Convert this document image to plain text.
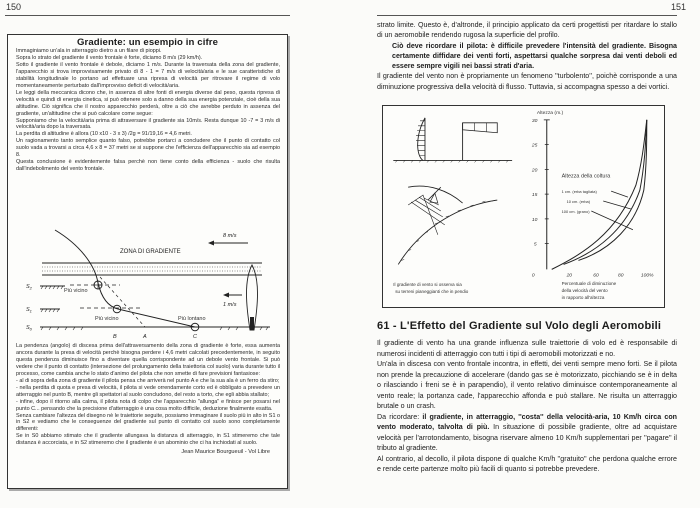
150
Gradiente: un esempio in cifre

Immaginiamo un'ala in atterraggio dietro a un filare di pioppi.

Sopra lo strato del gradiente il vento frontale è forte, diciamo 8 m/s (29 km/h).

Sotto il gradiente il vento frontale è debole, diciamo 1 m/s. Durante la traversata della zona del gradiente, l'apparecchio si trova improvvisamente privato di 8 - 1 = 7 m/s di velocità/aria e le sue caratteristiche di stabilità longitudinale lo portano ad effettuare una ripresa di velocità per ritrovare il regime di volo momentaneamente perturbato dall'improvviso deficit di velocità/aria.

Le leggi della meccanica dicono che, in assenza di altre fonti di energia diverse dal peso, questa ripresa di velocità e quindi di energia cinetica, si può ottenere solo a danno della sua energia potenziale, cioè della sua altitudine. Ciò significa che il nostro apparecchio perderà, oltre a ciò che avrebbe perduto in assenza del gradiente, un'altitudine che si può calcolare come segue:

Supponiamo che la velocità/aria prima di attraversare il gradiente sia 10m/s. Resta dunque 10 -7 = 3 m/s di velocità/aria dopo la traversata.

La perdita di altitudine è allora (10 x10 - 3 x 3) /2g = 91/19,16 = 4,6 metri.

Un ragionamento tanto semplice quanto falso, potrebbe portarci a concludere che il punto di contatto col suolo vada a trovarsi a circa 4,6 x 8 = 37 metri se si suppone che l'efficienza dell'apparecchio sia ad esempio 8.

Questa conclusione è evidentemente falsa perchè non tiene conto della efficienza - suolo che risulta dall'indebolimento del vento frontale.

ZONA DI GRADIENTE
8 m/s
1 m/s
$S_2$
$S_1$
$S_0$
Più vicino
Più vicino	Più lontano
B	A	C

La pendenza (angolo) di discesa prima dell'attraversamento della zona di gradiente è forte, essa aumenta ancora durante la presa di velocità perchè bisogna perdere i 4,6 metri calcolati precedentemente, in seguito questa pendenza diminuisce fino a diventare quella corrispondente ad un debole vento frontale. Si può vedere che il punto di contatto (intersezione del prolungamento della traiettoria col suolo) varia durante tutto il processo, come cambia anche lo stato d'animo del pilota che non smette di fare previsioni fantasiose:

- al di sopra della zona di gradiente il pilota pensa che arriverà nel punto A e che la sua ala è un ferro da stiro;

- nella perdita di quota e presa di velocità, il pilota si vede orrendamente corto ed è obbligato a prevedere un atterraggio nel punto B, mentre gli spettatori al suolo concludono, del resto a torto, che egli abbia stallato;

- infine, dopo il ritorno alla calma, il pilota nota di colpo che l'apparecchio "allunga" e finisce per posarsi nel punto C... pensando che la precisione d'atterraggio è una cosa molto difficile, deduzione finalmente esatta.

Senza cambiare l'altezza del disegno nè le traiettorie seguite, possiamo immaginare il suolo più in alto in S1 o in S2 e vediamo che le conseguenze del gradiente sul punto di contatto col suolo sono completamente differenti:

Se in S0 abbiamo stimato che il gradiente allungava la distanza di atterraggio, in S1 stimeremo che tale distanza è accorciata, e in S2 stimeremo che il gradiente è un abominio che ci ha inchiodati al suolo.

Jean Maurice Bourgueuil - Vol Libre
151
strato limite. Questo è, d'altronde, il principio applicato da certi progettisti per ritardare lo stallo di un aeromobile rendendo rugosa la superficie del profilo.
Ciò deve ricordare il pilota: è difficile prevedere l'intensità del gradiente. Bisogna certamente diffidare dei venti forti, aspettarsi qualche sorpresa dai venti deboli ed essere sempre vigili nei bassi strati d'aria.
Il gradiente del vento non è propriamente un fenomeno ''turbolento'', poichè corrisponde a una diminuzione progressiva della velocità di flusso. Tuttavia, si accompagna spesso a dei vortici.
Il gradiente di vento si osserva sia
su terreni pianeggianti che in pendio
Altezza (m.)
30
25
20
15
10
5
0	20	60	80	100%
Altezza della coltura
1 cm. (erba tagliata)
10 cm. (erba)
100 cm. (grano)
Percentuale di diminuzione
della velocità del vento
in rapporto all'altezza
61 - L'Effetto del Gradiente sul Volo degli Aeromobili

Il gradiente di vento ha una grande influenza sulle traiettorie di volo ed è responsabile di numerosi incidenti di atterraggio con tutti i tipi di aeromobili motorizzati e no.

Un'ala in discesa con vento frontale incontra, in effetti, dei venti sempre meno forti. Se il pilota non prende la precauzione di accelerare (dando gas se è motorizzato, picchiando se è in delta o rilasciando i freni se è in parapendio), il vento relativo diminuisce contemporaneamente al vento reale; la portanza cade, l'apparecchio affonda e può stallare. Ne risulta un atterraggio brutale o un crash.

Da ricordare: il gradiente, in atterraggio, ''costa'' della velocità-aria, 10 Km/h circa con vento moderato, talvolta di più. In situazione di possibile gradiente, oltre ad acquistare velocità per l'arrotondamento, bisogna riservare almeno 10 Km/h supplementari per ''pagare'' il tributo al gradiente.

Al contrario, al decollo, il pilota dispone di qualche Km/h ''gratuito'' che perdona qualche errore e rende certe partenze molto più facili di quanto si potrebbe prevedere.
